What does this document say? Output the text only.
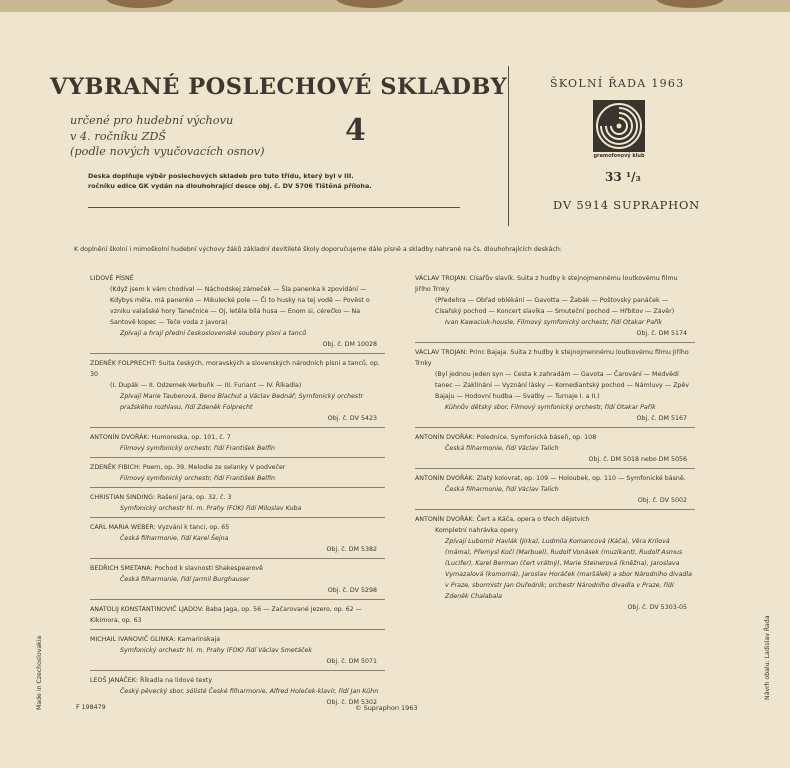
VYBRANÉ POSLECHOVÉ SKLADBY
určené pro hudební výchovu
v 4. ročníku ZDŠ
(podle nových vyučovacích osnov)
4
Deska doplňuje výběr poslechových skladeb pro tuto třídu, který byl v III. ročníku edice GK vydán na dlouhohrající desce obj. č. DV 5706 Tištěná příloha.
ŠKOLNÍ ŘADA 1963
gramofonový klub
33 ¹/₃
DV 5914 SUPRAPHON
K doplnění školní i mimoškolní hudební výchovy žáků základní devítileté školy doporučujeme dále písně a skladby nahrané na čs. dlouhohrajících deskách:
LIDOVÉ PÍSNĚ
(Když jsem k vám chodíval — Náchodskej zámeček — Šla panenka k zpovídání — Kdybys měla, má panenko — Mikulecké pole — Či to husky na tej vodě — Pověst o vzniku valašské hory Tanečnice — Oj, letěla bílá husa — Enom si, cérečko — Na Santově kopec — Teče voda z javora)
Zpívají a hrají přední československé soubory písní a tanců
Obj. č. DM 10028
ZDENĚK FOLPRECHT: Suita českých, moravských a slovenských národních písní a tanců, op. 30
(I. Dupák — II. Odzemek-Verbuňk — III. Furiant — IV. Říkadla)
Zpívají Marie Tauberová, Beno Blachut a Václav Bednář; Symfonický orchestr pražského rozhlasu, řídí Zdeněk Folprecht
Obj. č. DV 5423
ANTONÍN DVOŘÁK: Humoreska, op. 101, č. 7
Filmový symfonický orchestr, řídí František Belfín
ZDENĚK FIBICH: Poem, op. 39. Melodie ze selanky V podvečer
Filmový symfonický orchestr, řídí František Belfín
CHRISTIAN SINDING: Rašení jara, op. 32, č. 3
Symfonický orchestr hl. m. Prahy (FOK) řídí Miloslav Kuba
CARL MARIA WEBER: Vyzvání k tanci, op. 65
Česká filharmonie, řídí Karel Šejna
Obj. č. DM 5382
BEDŘICH SMETANA: Pochod k slavnosti Shakespearově
Česká filharmonie, řídí Jarmil Burghauser
Obj. č. DV 5298
ANATOLIJ KONSTANTINOVIČ LJADOV: Baba Jaga, op. 56 — Začarované jezero, op. 62 — Kikimora, op. 63
MICHAIL IVANOVIČ GLINKA: Kamarinskaja
Symfonický orchestr hl. m. Prahy (FOK) řídí Václav Smetáček
Obj. č. DM 5071
LEOŠ JANÁČEK: Říkadla na lidové texty
Český pěvecký sbor, sólisté České filharmonie, Alfred Holeček-klavír, řídí Jan Kühn
Obj. č. DM 5302
VÁCLAV TROJAN: Císařův slavík. Suita z hudby k stejnojmennému loutkovému filmu Jiřího Trnky
(Předehra — Obřad oblékání — Gavotta — Žabák — Poštovský panáček — Císařský pochod — Koncert slavíka — Smuteční pochod — Hřbitov — Závěr)
Ivan Kawaciuk-housle, Filmový symfonický orchestr, řídí Otakar Pařík
Obj. č. DM 5174
VÁCLAV TROJAN: Princ Bajaja. Suita z hudby k stejnojmennému loutkovému filmu Jiřího Trnky
(Byl jednou jeden syn — Cesta k zahradám — Gavota — Čarování — Medvědí tanec — Zaklínání — Vyznání lásky — Komediantský pochod — Námluvy — Zpěv Bajaju — Hodovní hudba — Svatby — Turnaje I. a II.)
Kühnův dětský sbor, Filmový symfonický orchestr, řídí Otakar Pařík
Obj. č. DM 5167
ANTONÍN DVOŘÁK: Polednice. Symfonická báseň, op. 108
Česká filharmonie, řídí Václav Talich
Obj. č. DM 5018 nebo DM 5056
ANTONÍN DVOŘÁK: Zlatý kolovrat, op. 109 — Holoubek, op. 110 — Symfonické básně.
Česká filharmonie, řídí Václav Talich
Obj. č. DV 5002
ANTONÍN DVOŘÁK: Čert a Káča, opera o třech dějstvích
Kompletní nahrávka opery
Zpívají Lubomír Havlák (Jirka), Ludmila Komancová (Káča), Věra Krilová (máma), Přemysl Kočí (Marbuel), Rudolf Vonásek (muzikant), Rudolf Asmus (Lucifer), Karel Berman (čert vrátný), Marie Steinerová (kněžna), Jaroslava Vymazalová (komorná), Jaroslav Horáček (maršálek) a sbor Národního divadla v Praze, sbormistr Jan Ouředník; orchestr Národního divadla v Praze, řídí Zdeněk Chalabala
Obj. č. DV 5303-05
Made in Czechoslovakia	Návrh obalu: Ladislav Řada
F 198479	© Supraphon 1963
